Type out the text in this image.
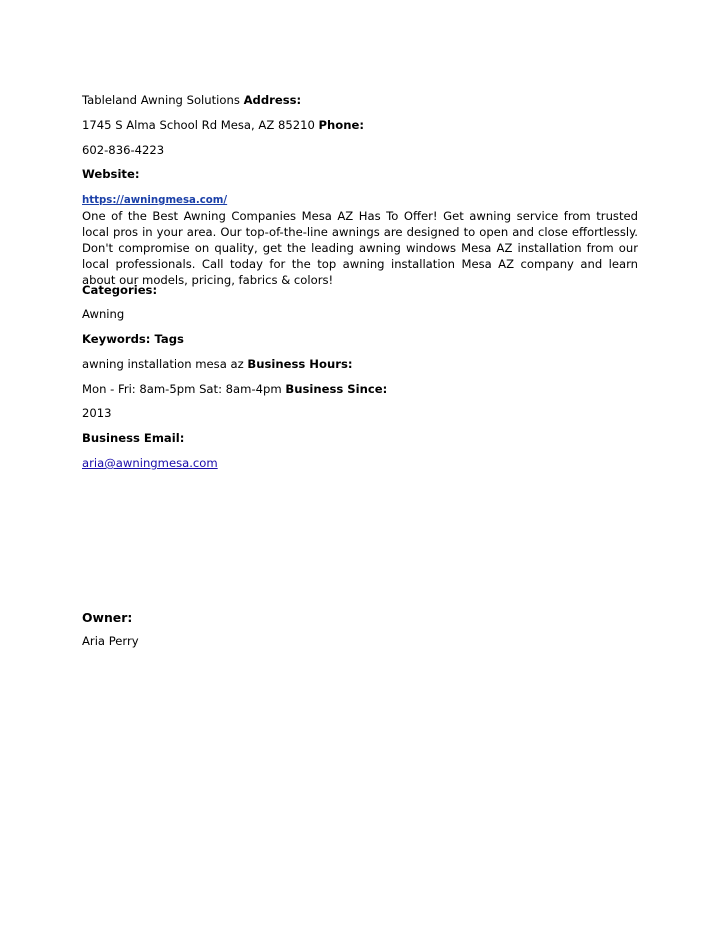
Tableland Awning Solutions Address:
1745 S Alma School Rd Mesa, AZ 85210 Phone:
602-836-4223
Website:
https://awningmesa.com/
One of the Best Awning Companies Mesa AZ Has To Offer! Get awning service from trusted local pros in your area. Our top-of-the-line awnings are designed to open and close effortlessly. Don't compromise on quality, get the leading awning windows Mesa AZ installation from our local professionals. Call today for the top awning installation Mesa AZ company and learn about our models, pricing, fabrics & colors!
Categories:
Awning
Keywords: Tags
awning installation mesa az Business Hours:
Mon - Fri: 8am-5pm Sat: 8am-4pm Business Since:
2013
Business Email:
aria@awningmesa.com
Owner:
Aria Perry
